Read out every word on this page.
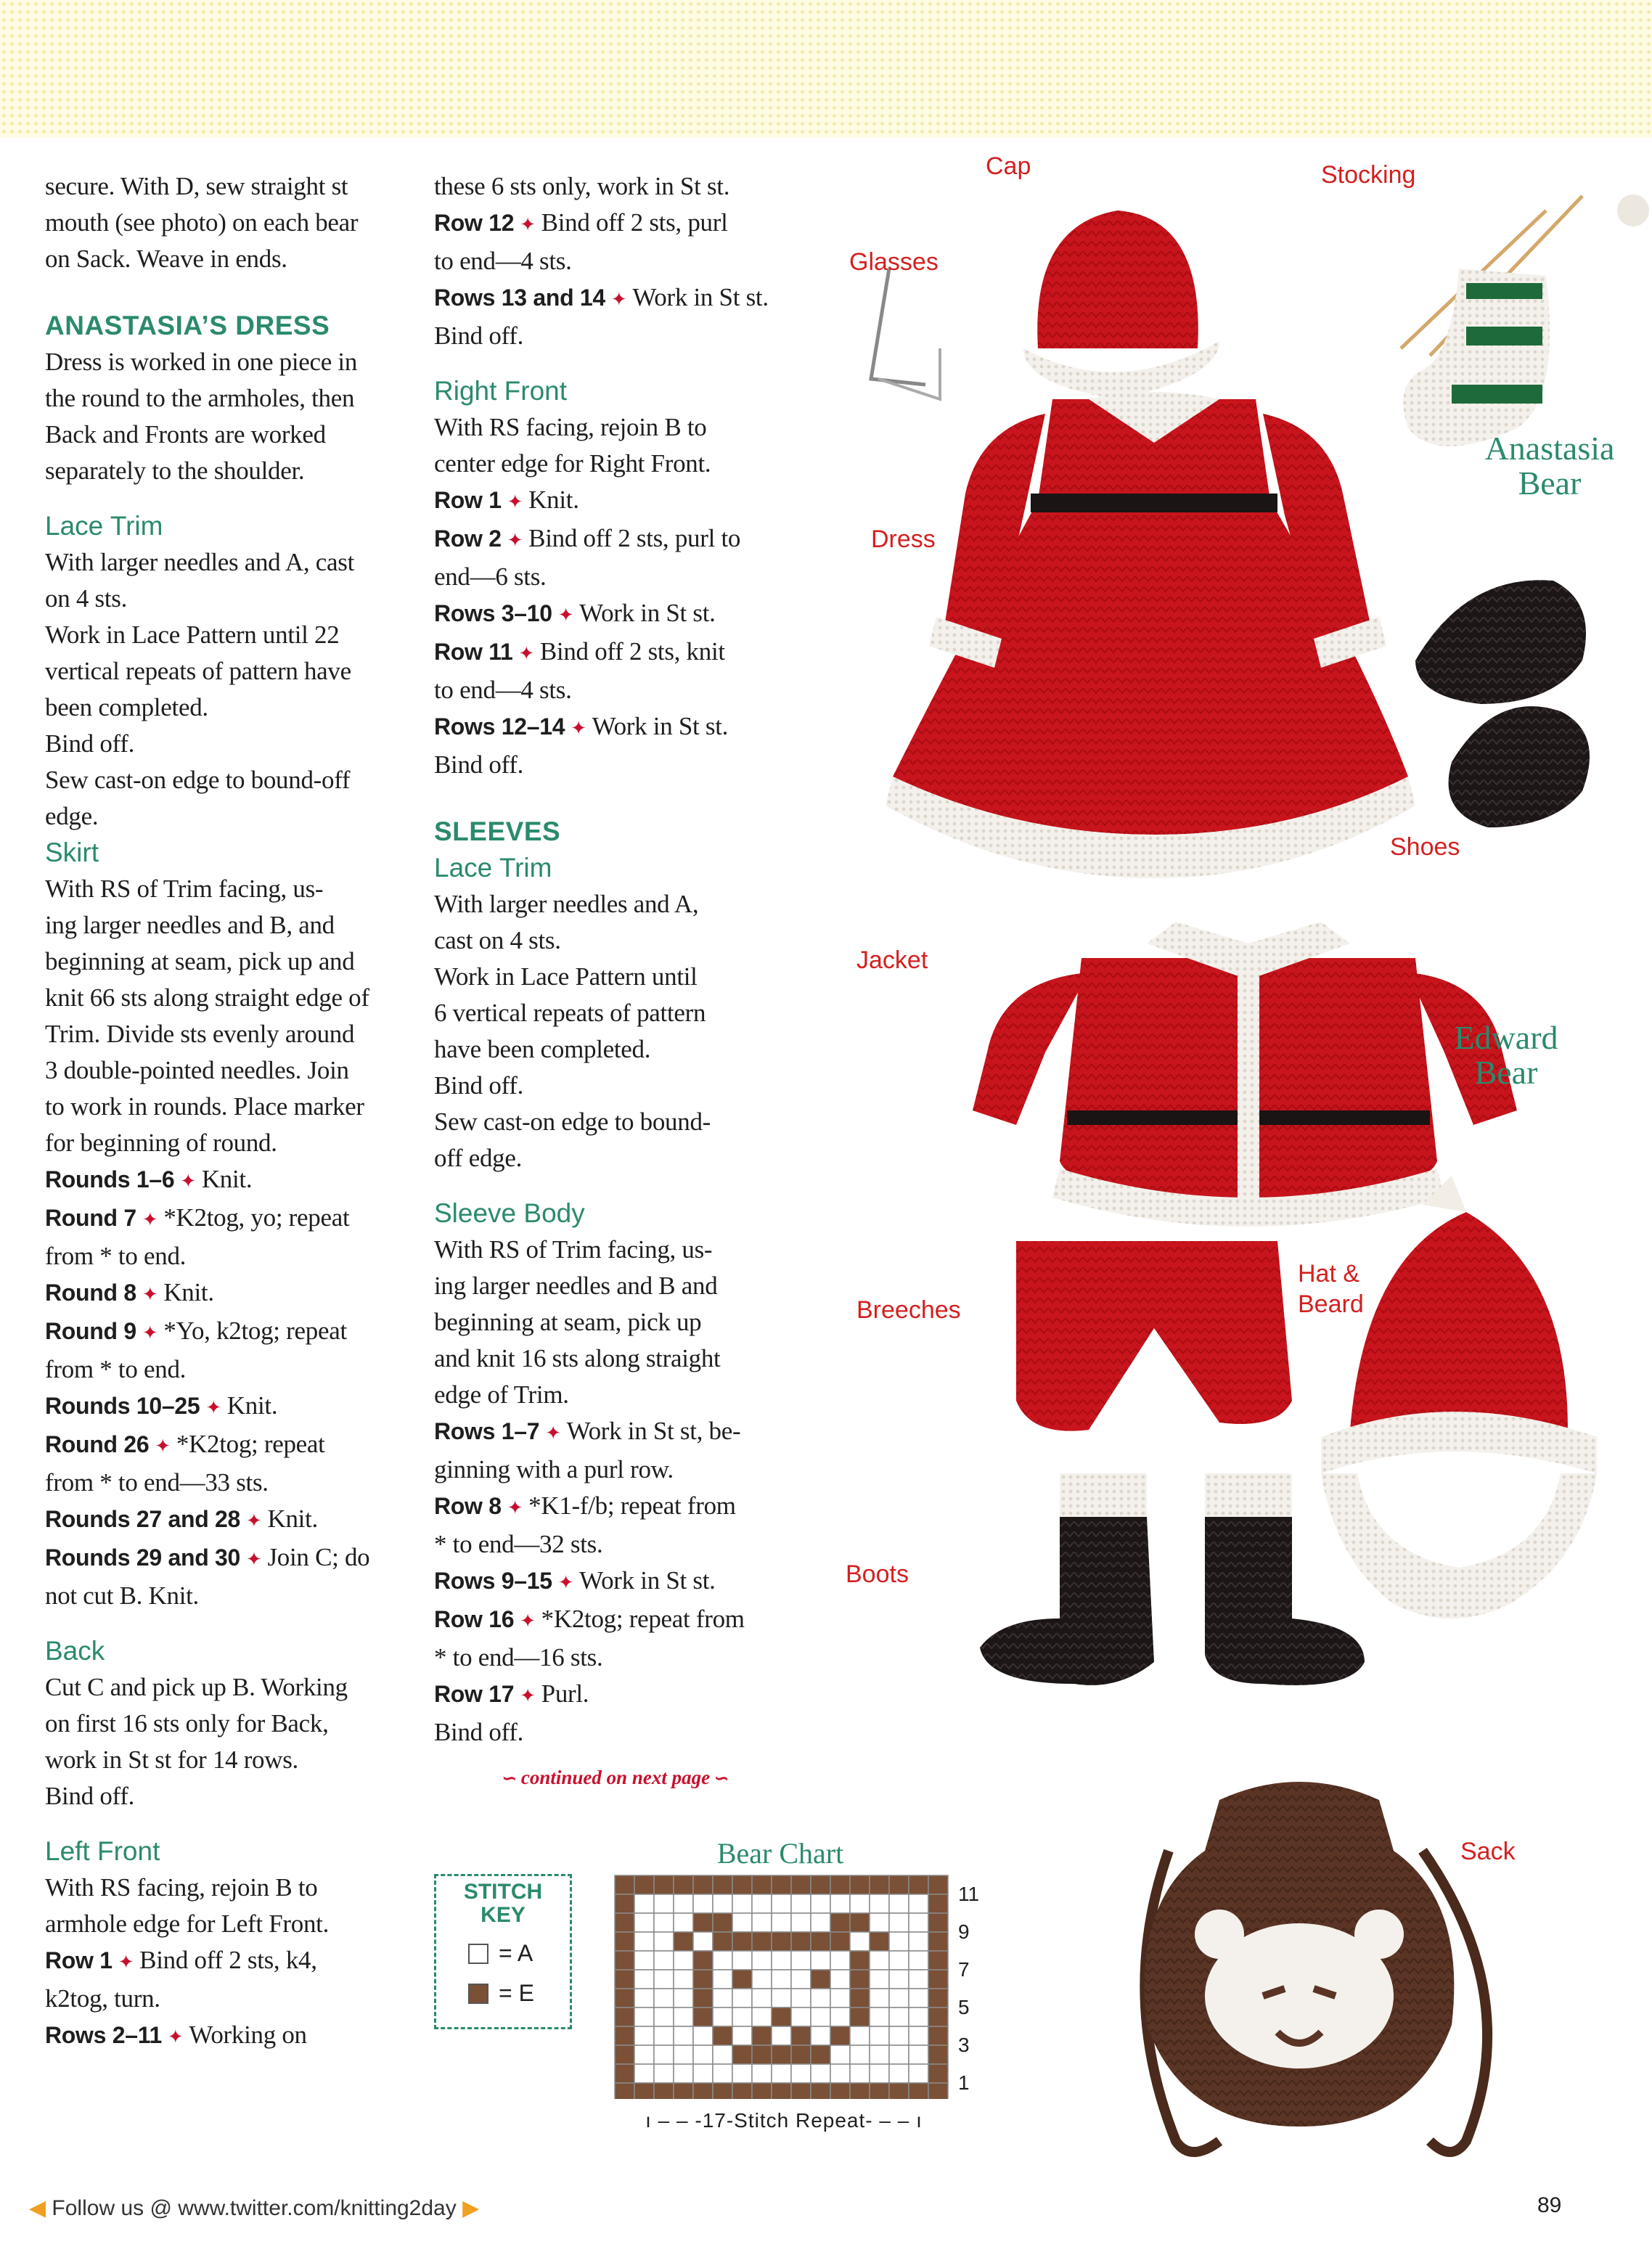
secure. With D, sew straight st
mouth (see photo) on each bear
on Sack. Weave in ends.

ANASTASIA’S DRESS

Dress is worked in one piece in
the round to the armholes, then
Back and Fronts are worked
separately to the shoulder.

Lace Trim

With larger needles and A, cast
on 4 sts.

Work in Lace Pattern until 22
vertical repeats of pattern have
been completed.

Bind off.

Sew cast-on edge to bound-off
edge.

Skirt

With RS of Trim facing, us-
ing larger needles and B, and
beginning at seam, pick up and
knit 66 sts along straight edge of
Trim. Divide sts evenly around
3 double-pointed needles. Join
to work in rounds. Place marker
for beginning of round.

Rounds 1–6 ✦ Knit.

Round 7 ✦ *K2tog, yo; repeat
from * to end.

Round 8 ✦ Knit.

Round 9 ✦ *Yo, k2tog; repeat
from * to end.

Rounds 10–25 ✦ Knit.

Round 26 ✦ *K2tog; repeat
from * to end—33 sts.

Rounds 27 and 28 ✦ Knit.

Rounds 29 and 30 ✦ Join C; do
not cut B. Knit.

Back

Cut C and pick up B. Working
on first 16 sts only for Back,
work in St st for 14 rows.

Bind off.

Left Front

With RS facing, rejoin B to
armhole edge for Left Front.

Row 1 ✦ Bind off 2 sts, k4,
k2tog, turn.

Rows 2–11 ✦ Working on

these 6 sts only, work in St st.

Row 12 ✦ Bind off 2 sts, purl
to end—4 sts.

Rows 13 and 14 ✦ Work in St st.

Bind off.

Right Front

With RS facing, rejoin B to
center edge for Right Front.

Row 1 ✦ Knit.

Row 2 ✦ Bind off 2 sts, purl to
end—6 sts.

Rows 3–10 ✦ Work in St st.

Row 11 ✦ Bind off 2 sts, knit
to end—4 sts.

Rows 12–14 ✦ Work in St st.

Bind off.

SLEEVES
Lace Trim

With larger needles and A,
cast on 4 sts.

Work in Lace Pattern until
6 vertical repeats of pattern
have been completed.

Bind off.

Sew cast-on edge to bound-
off edge.

Sleeve Body

With RS of Trim facing, us-
ing larger needles and B and
beginning at seam, pick up
and knit 16 sts along straight
edge of Trim.

Rows 1–7 ✦ Work in St st, be-
ginning with a purl row.

Row 8 ✦ *K1-f/b; repeat from
* to end—32 sts.

Rows 9–15 ✦ Work in St st.

Row 16 ✦ *K2tog; repeat from
* to end—16 sts.

Row 17 ✦ Purl.

Bind off.

∽ continued on next page ∽
STITCH
KEY
= A
= E
Bear Chart
11
9
7
5
3
1
ı – – -17-Stitch Repeat- – – ı
Cap	Stocking
Glasses
Dress
Shoes
Jacket
Hat &
Beard
Breeches
Boots
Sack
Anastasia
Bear
Edward
Bear
◀ Follow us @ www.twitter.com/knitting2day ▶	89
